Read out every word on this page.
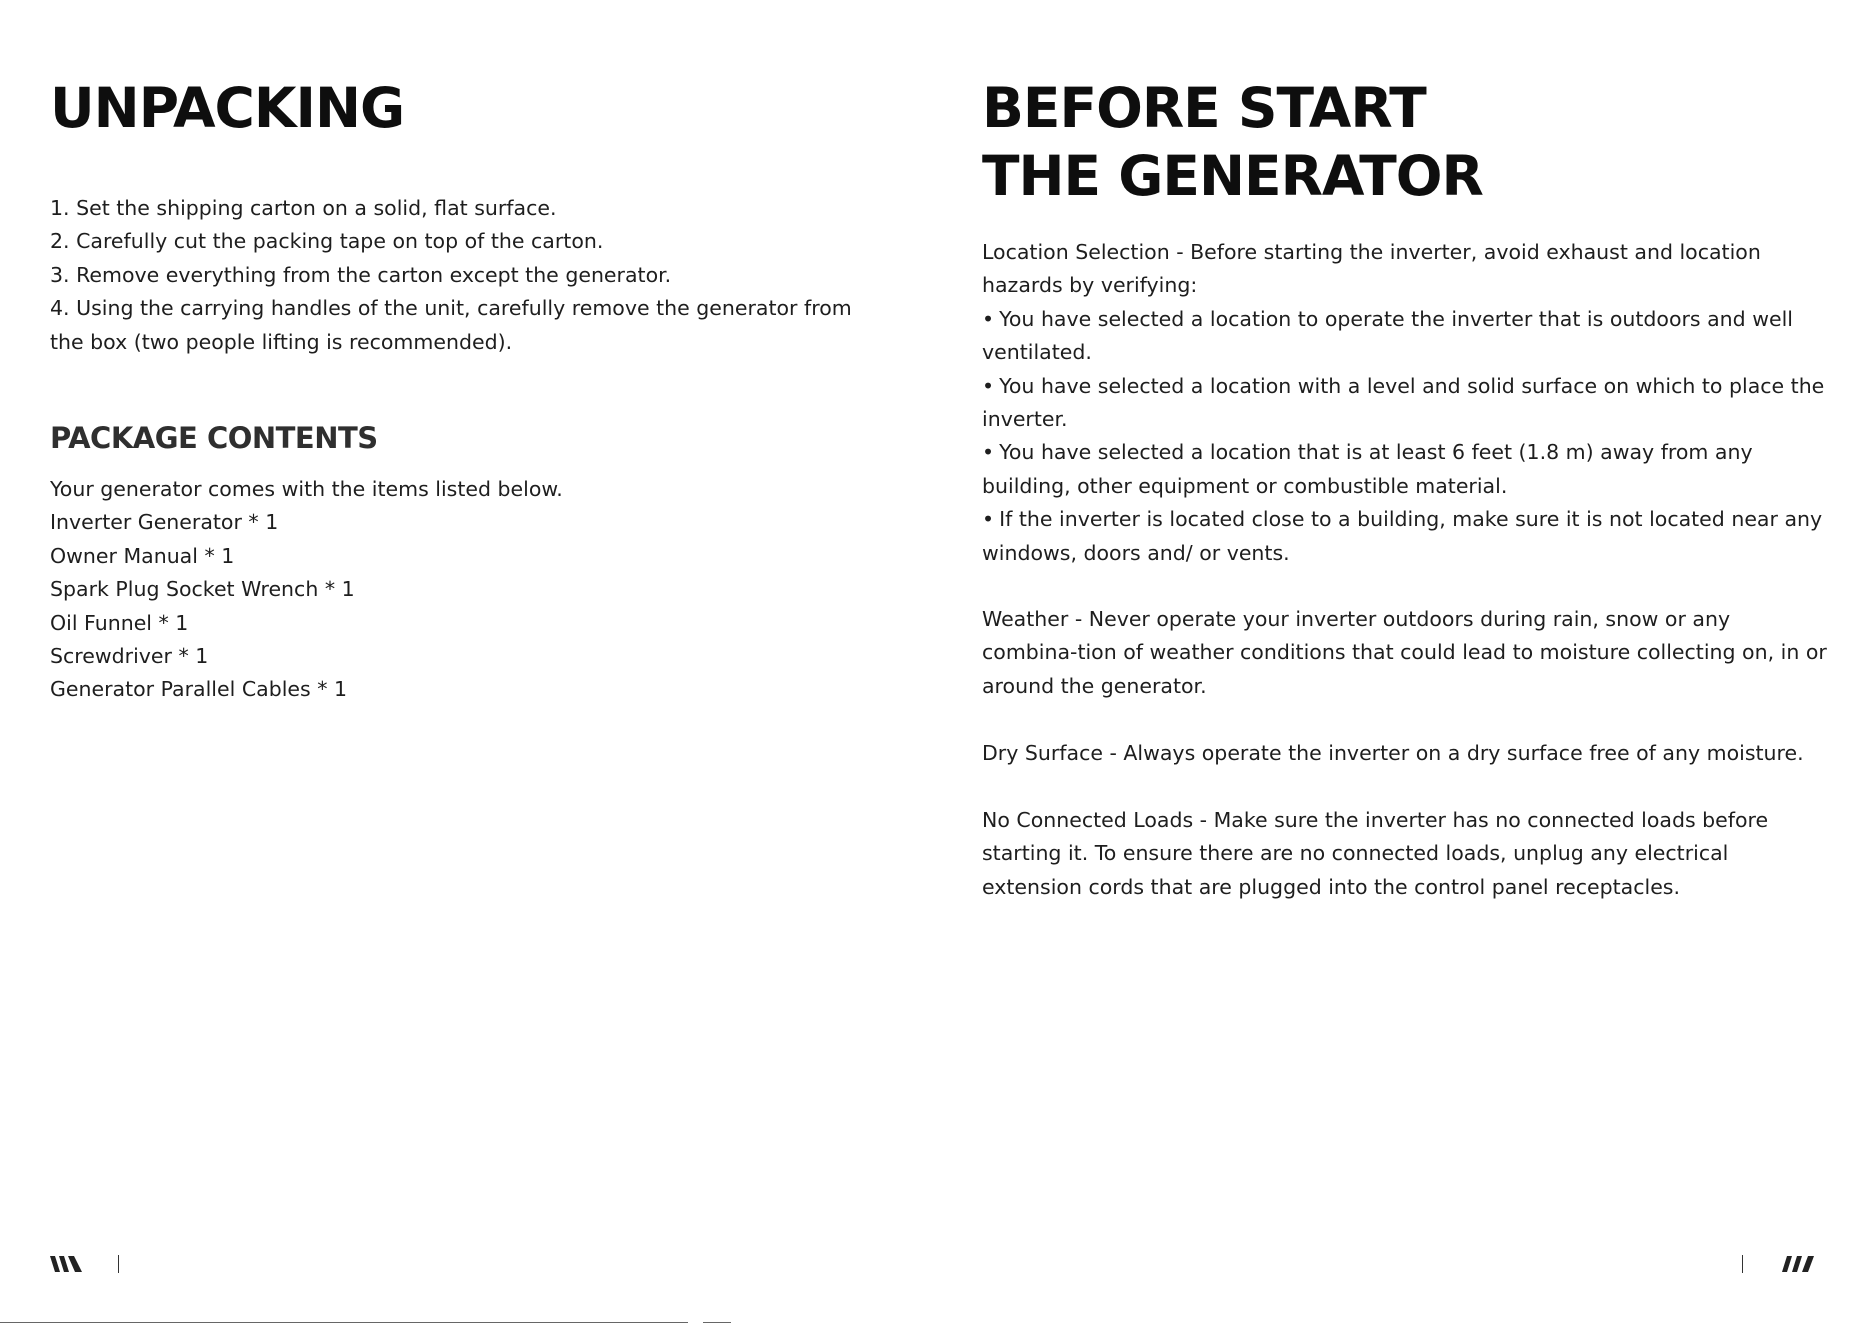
UNPACKING
1. Set the shipping carton on a solid, flat surface.
2. Carefully cut the packing tape on top of the carton.
3. Remove everything from the carton except the generator.
4. Using the carrying handles of the unit, carefully remove the generator from the box (two people lifting is recommended).
PACKAGE CONTENTS

Your generator comes with the items listed below.

Inverter Generator * 1
Owner Manual * 1
Spark Plug Socket Wrench * 1
Oil Funnel * 1
Screwdriver * 1
Generator Parallel Cables * 1
BEFORE START
THE GENERATOR

Location Selection - Before starting the inverter, avoid exhaust and location hazards by verifying:

• You have selected a location to operate the inverter that is outdoors and well ventilated.
• You have selected a location with a level and solid surface on which to place the inverter.
• You have selected a location that is at least 6 feet (1.8 m) away from any building, other equipment or combustible material.
• If the inverter is located close to a building, make sure it is not located near any windows, doors and/ or vents.

Weather - Never operate your inverter outdoors during rain, snow or any combina-tion of weather conditions that could lead to moisture collecting on, in or around the generator.

Dry Surface - Always operate the inverter on a dry surface free of any moisture.

No Connected Loads - Make sure the inverter has no connected loads before starting it. To ensure there are no connected loads, unplug any electrical extension cords that are plugged into the control panel receptacles.
